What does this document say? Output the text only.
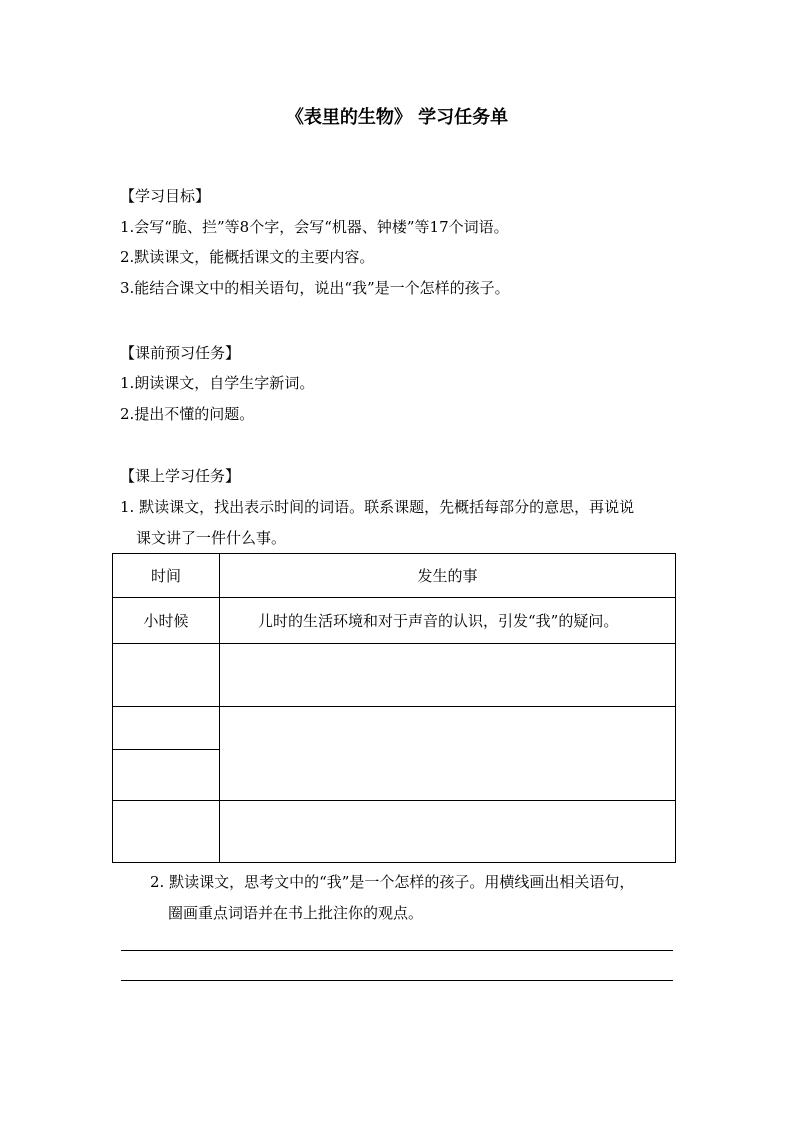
《表里的生物》 学习任务单
【学习目标】
1.会写“脆、拦”等8个字，会写“机器、钟楼”等17个词语。
2.默读课文，能概括课文的主要内容。
3.能结合课文中的相关语句，说出“我”是一个怎样的孩子。
【课前预习任务】
1.朗读课文，自学生字新词。
2.提出不懂的问题。
【课上学习任务】
1. 默读课文，找出表示时间的词语。联系课题，先概括每部分的意思，再说说
课文讲了一件什么事。
时间	发生的事
小时候	儿时的生活环境和对于声音的认识，引发“我”的疑问。

2. 默读课文，思考文中的“我”是一个怎样的孩子。用横线画出相关语句，
圈画重点词语并在书上批注你的观点。
